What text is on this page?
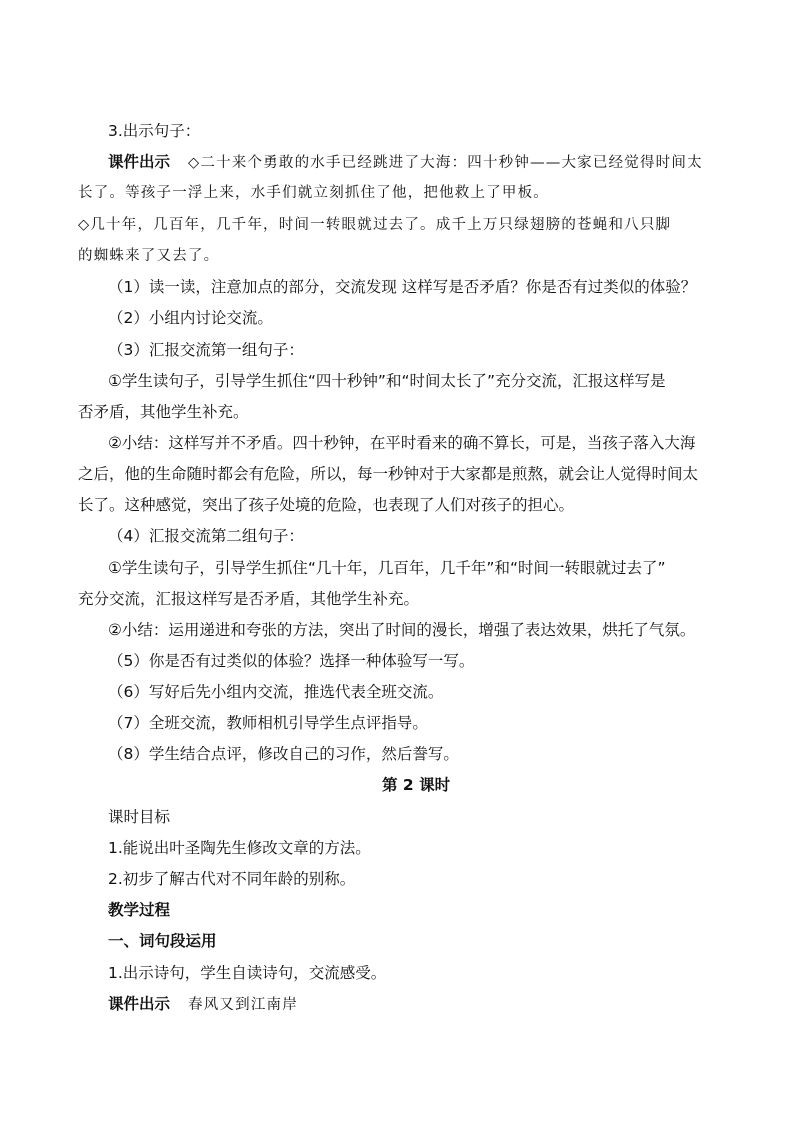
3.出示句子：
课件出示 ◇二十来个勇敢的水手已经跳进了大海：四十秒钟——大家已经觉得时间太
长了。等孩子一浮上来，水手们就立刻抓住了他，把他救上了甲板。
◇几十年，几百年，几千年，时间一转眼就过去了。成千上万只绿翅膀的苍蝇和八只脚
的蜘蛛来了又去了。
（1）读一读，注意加点的部分，交流发现 这样写是否矛盾？你是否有过类似的体验？
（2）小组内讨论交流。
（3）汇报交流第一组句子：
①学生读句子，引导学生抓住“四十秒钟”和“时间太长了”充分交流，汇报这样写是
否矛盾，其他学生补充。
②小结：这样写并不矛盾。四十秒钟，在平时看来的确不算长，可是，当孩子落入大海
之后，他的生命随时都会有危险，所以，每一秒钟对于大家都是煎熬，就会让人觉得时间太
长了。这种感觉，突出了孩子处境的危险，也表现了人们对孩子的担心。
（4）汇报交流第二组句子：
①学生读句子，引导学生抓住“几十年，几百年，几千年”和“时间一转眼就过去了”
充分交流，汇报这样写是否矛盾，其他学生补充。
②小结：运用递进和夸张的方法，突出了时间的漫长，增强了表达效果，烘托了气氛。
（5）你是否有过类似的体验？选择一种体验写一写。
（6）写好后先小组内交流，推选代表全班交流。
（7）全班交流，教师相机引导学生点评指导。
（8）学生结合点评，修改自己的习作，然后誊写。
第 2 课时
课时目标
1.能说出叶圣陶先生修改文章的方法。
2.初步了解古代对不同年龄的别称。
教学过程
一、词句段运用
1.出示诗句，学生自读诗句，交流感受。
课件出示 春风又到江南岸
